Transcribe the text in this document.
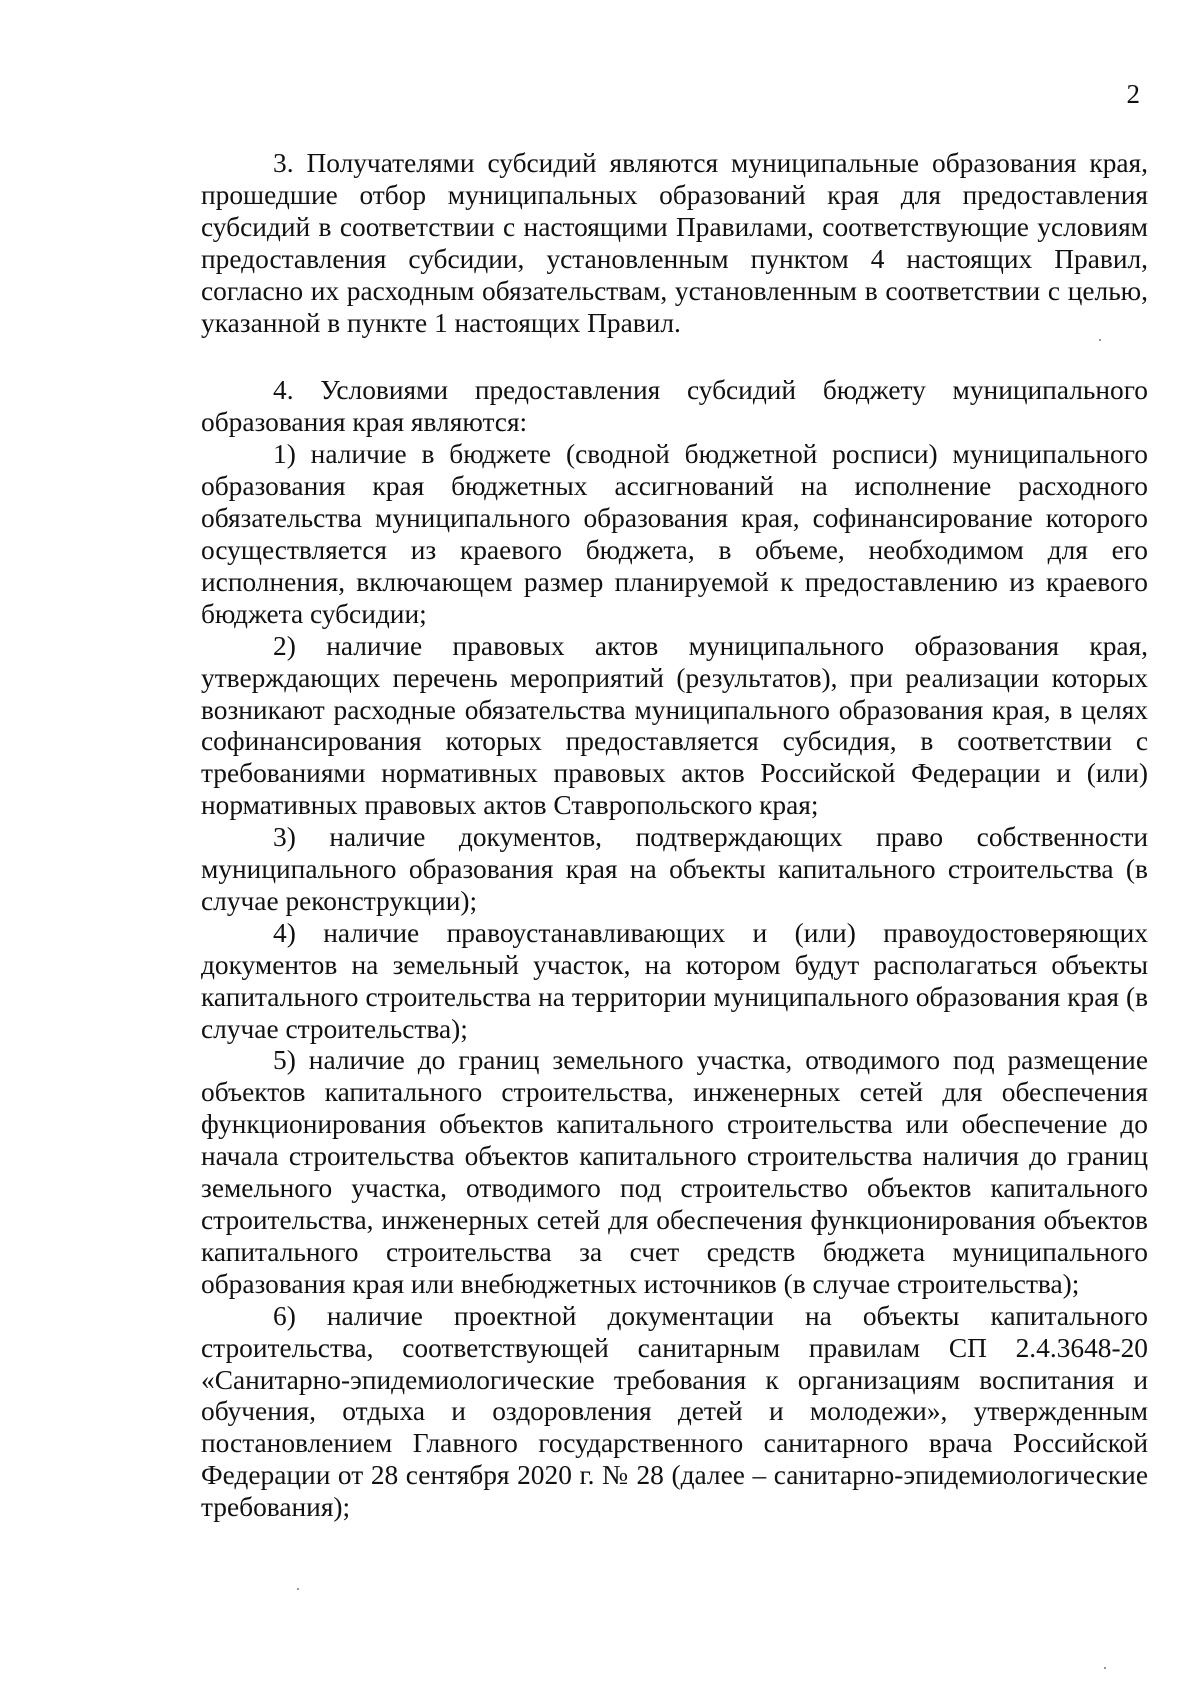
2

3. Получателями субсидий являются муниципальные образования края, прошедшие отбор муниципальных образований края для предоставления субсидий в соответствии с настоящими Правилами, соответствующие условиям предоставления субсидии, установленным пунктом 4 настоящих Правил, согласно их расходным обязательствам, установленным в соответствии с целью, указанной в пункте 1 настоящих Правил.

4. Условиями предоставления субсидий бюджету муниципального образования края являются:

1) наличие в бюджете (сводной бюджетной росписи) муниципального образования края бюджетных ассигнований на исполнение расходного обязательства муниципального образования края, софинансирование которого осуществляется из краевого бюджета, в объеме, необходимом для его исполнения, включающем размер планируемой к предоставлению из краевого бюджета субсидии;

2) наличие правовых актов муниципального образования края, утверждающих перечень мероприятий (результатов), при реализации которых возникают расходные обязательства муниципального образования края, в целях софинансирования которых предоставляется субсидия, в соответствии с требованиями нормативных правовых актов Российской Федерации и (или) нормативных правовых актов Ставропольского края;

3) наличие документов, подтверждающих право собственности муниципального образования края на объекты капитального строительства (в случае реконструкции);

4) наличие правоустанавливающих и (или) правоудостоверяющих документов на земельный участок, на котором будут располагаться объекты капитального строительства на территории муниципального образования края (в случае строительства);

5) наличие до границ земельного участка, отводимого под размещение объектов капитального строительства, инженерных сетей для обеспечения функционирования объектов капитального строительства или обеспечение до начала строительства объектов капитального строительства наличия до границ земельного участка, отводимого под строительство объектов капитального строительства, инженерных сетей для обеспечения функционирования объектов капитального строительства за счет средств бюджета муниципального образования края или внебюджетных источников (в случае строительства);

6) наличие проектной документации на объекты капитального строительства, соответствующей санитарным правилам СП 2.4.3648-20 «Санитарно-эпидемиологические требования к организациям воспитания и обучения, отдыха и оздоровления детей и молодежи», утвержденным постановлением Главного государственного санитарного врача Российской Федерации от 28 сентября 2020 г. № 28 (далее – санитарно-эпидемиологические требования);
